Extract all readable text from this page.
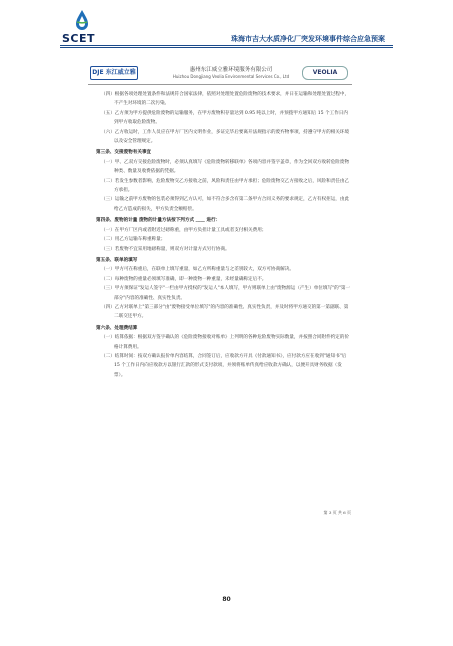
SCET	珠海市吉大水质净化厂突发环境事件综合应急预案
DJE 东江威立雅	惠州东江威立雅环境服务有限公司
Huizhou Dongjiang Veolia Environmental Services Co., Ltd
VEOLIA
（四）根据各项处理处置条件和法规符合国家法律，依照对处理处置危险废物的技术要求，并日在运输和处理处置过程中，不产生对环境的二次污染。
（五）乙方须为甲方提供危险废物的运输服务，在甲方废物积存量达到 0.95 吨以上时，并预拨甲方通知后 15 个工作日内到甲方收取危险废物。
（六）乙方收运时，工作人员应在甲方厂区内文明作业，多证完毕后要离开法规指示的废弃物事项，持遵守甲方的相关环境以及安全管理规定。
第三条、交接废物有关事宜
（一）甲、乙双方交接危险废物时，必须认真填写《危险废物转移联单》各项内容并签字盖章，作为全回双方收转危险废物种类、数量及收费依据的凭据。
（二）若发生参数者影响，危险废物交乙方接收之前，风险和责任由甲方承担；危险废物交乙方接收之后，风险和责任由乙方承担。
（三）运输之前甲方废物的包装必须得到乙方认可，如不符合多含有第二条甲方合同义务的要求规定，乙方有权拒运，由此给乙方造成的损失，甲方负责全额赔偿。
第四条、废物的计量 废物的计量方法按下列方式 ____ 进行：
（一）在甲方厂区内或者附近过磅称重，由甲方负担计量工具或者支付相关费用；
（二）用乙方运输车称重称量；
（三）若废物不宜采用地磅称量，则双方对计量方式另行协商。
第五条、联单的填写
（一）甲方可在称重后，在联单上填写重量，如乙方所称重量与之差别较大，双方可协商解决。
（二）每种废物的重量必须填写准确，即一种废物一种重量，未经量确称定后不。
（三）甲方须保证"发运人签字"一栏由甲方授权的"发运人"本人填写，甲方则联单上由"废物源运（产生）单位填写"的"第一部分"内容的准确性、真实性负责。
（四）乙方对联单上"第三部分"由"废物接受单位填写"的内容的准确性、真实性负责，并及时将甲方通交的第一第副联、第二联交还甲方。
第六条、处理费结算
（一）结算依据：根据双方签字确认的《危险废物接收对账单》上列明的各种危险废物实际数量，并按照合同附件约定的价格计算费用。
（二）结算时间：按双方确认报价单内容结算，合同签订后，应收款方开具《付款通知书》，应付款方应在收到"通知书"后 15 个工作日内向应收款方以银行汇款的形式支付款项，并须将账单传真给应收款方确认，以便开具财务收据（发票）。
第 3 页 共 6 页
80
